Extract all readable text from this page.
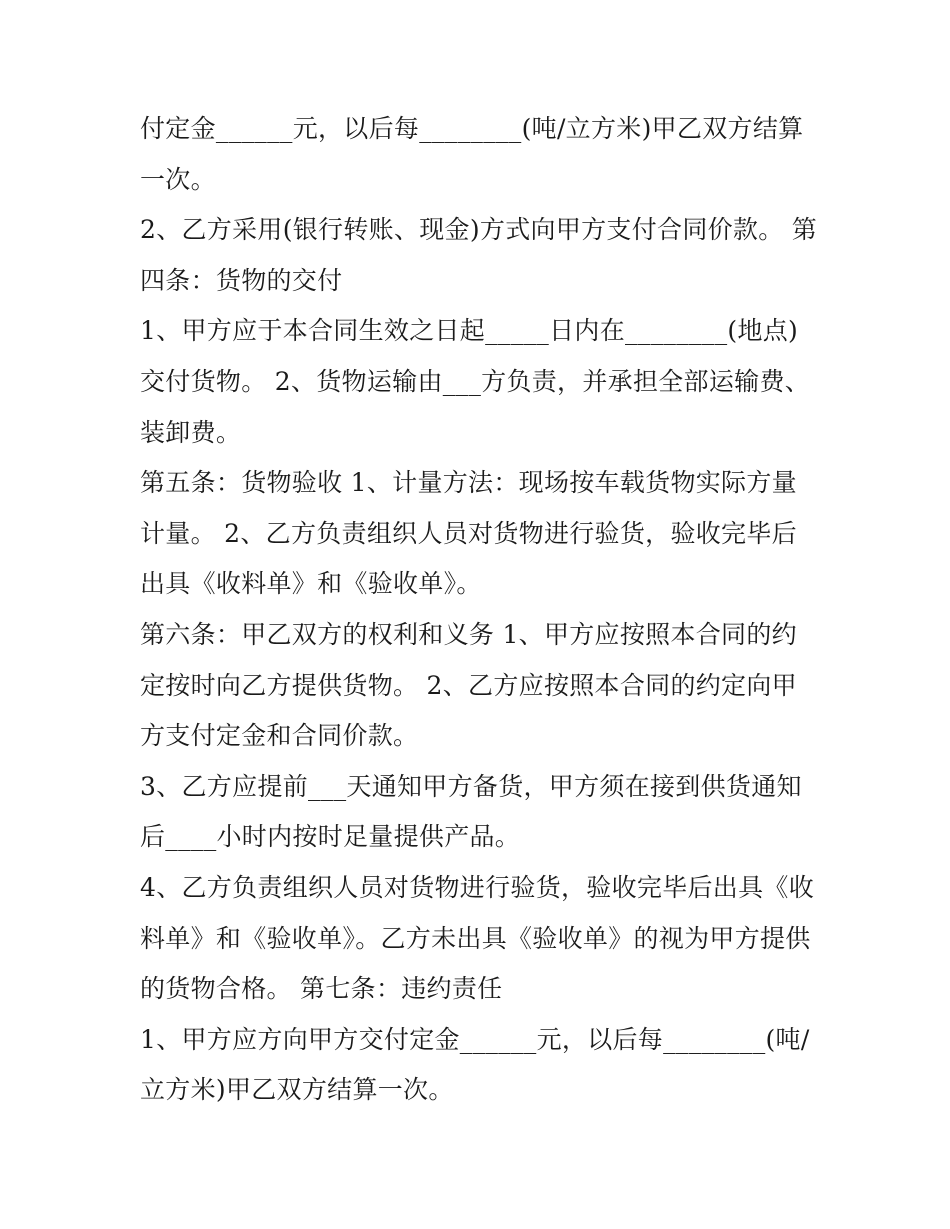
付定金______元，以后每________(吨/立方米)甲乙双方结算一次。

2、乙方采用(银行转账、现金)方式向甲方支付合同价款。 第四条：货物的交付

1、甲方应于本合同生效之日起_____日内在________(地点)交付货物。 2、货物运输由___方负责，并承担全部运输费、装卸费。

第五条：货物验收 1、计量方法：现场按车载货物实际方量计量。 2、乙方负责组织人员对货物进行验货，验收完毕后出具《收料单》和《验收单》。

第六条：甲乙双方的权利和义务 1、甲方应按照本合同的约定按时向乙方提供货物。 2、乙方应按照本合同的约定向甲方支付定金和合同价款。

3、乙方应提前___天通知甲方备货，甲方须在接到供货通知后____小时内按时足量提供产品。

4、乙方负责组织人员对货物进行验货，验收完毕后出具《收料单》和《验收单》。乙方未出具《验收单》的视为甲方提供的货物合格。 第七条：违约责任

1、甲方应方向甲方交付定金______元，以后每________(吨/立方米)甲乙双方结算一次。
